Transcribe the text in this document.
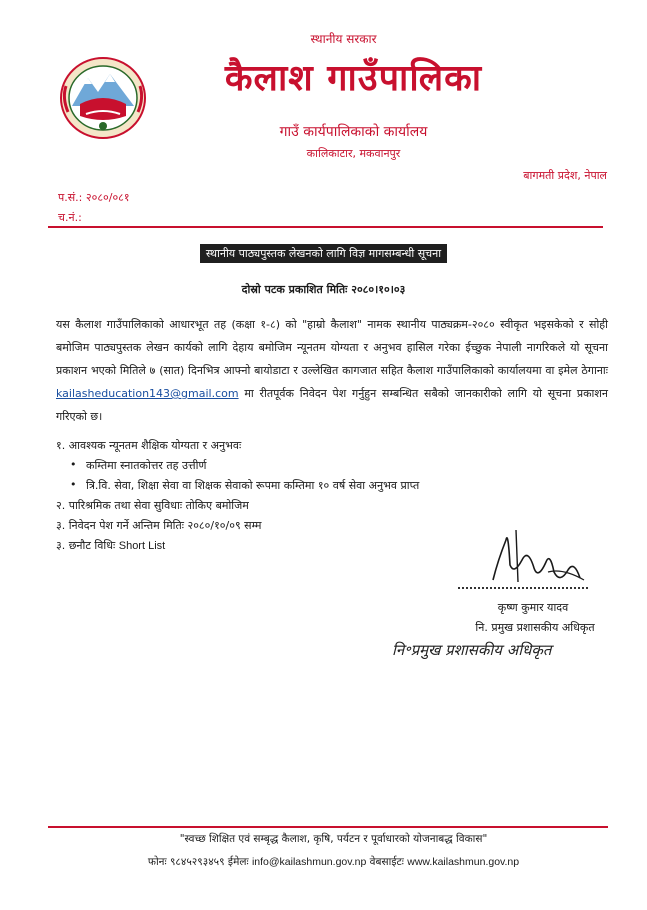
स्थानीय सरकार
कैलाश गाउँपालिका
गाउँ कार्यपालिकाको कार्यालय
कालिकाटार, मकवानपुर
बागमती प्रदेश, नेपाल
प.सं.: २०८०/०८१
च.नं.:
स्थानीय पाठ्यपुस्तक लेखनको लागि विज्ञ मागसम्बन्धी सूचना
दोस्रो पटक प्रकाशित मितिः २०८०।१०।०३
यस कैलाश गाउँपालिकाको आधारभूत तह (कक्षा १-८) को "हाम्रो कैलाश" नामक स्थानीय पाठ्यक्रम-२०८० स्वीकृत भइसकेको र सोही बमोजिम पाठ्यपुस्तक लेखन कार्यको लागि देहाय बमोजिम न्यूनतम योग्यता र अनुभव हासिल गरेका ईच्छुक नेपाली नागरिकले यो सूचना प्रकाशन भएको मितिले ७ (सात) दिनभित्र आफ्नो बायोडाटा र उल्लेखित कागजात सहित कैलाश गाउँपालिकाको कार्यालयमा वा इमेल ठेगानाः kailasheducation143@gmail.com मा रीतपूर्वक निवेदन पेश गर्नुहुन सम्बन्धित सबैको जानकारीको लागि यो सूचना प्रकाशन गरिएको छ।
१. आवश्यक न्यूनतम शैक्षिक योग्यता र अनुभवः
• कम्तिमा स्नातकोत्तर तह उत्तीर्ण
• त्रि.वि. सेवा, शिक्षा सेवा वा शिक्षक सेवाको रूपमा कम्तिमा १० वर्ष सेवा अनुभव प्राप्त
२. पारिश्रमिक तथा सेवा सुविधाः तोकिए बमोजिम
३. निवेदन पेश गर्ने अन्तिम मितिः २०८०/१०/०९ सम्म
३. छनौट विधिः Short List
कृष्ण कुमार यादव
नि. प्रमुख प्रशासकीय अधिकृत
नि॰प्रमुख प्रशासकीय अधिकृत
"स्वच्छ शिक्षित एवं सम्बृद्ध कैलाश, कृषि, पर्यटन र पूर्वाधारको योजनाबद्ध विकास"
फोनः ९८४५२९३४५९ ईमेलः info@kailashmun.gov.np वेबसाईटः www.kailashmun.gov.np
